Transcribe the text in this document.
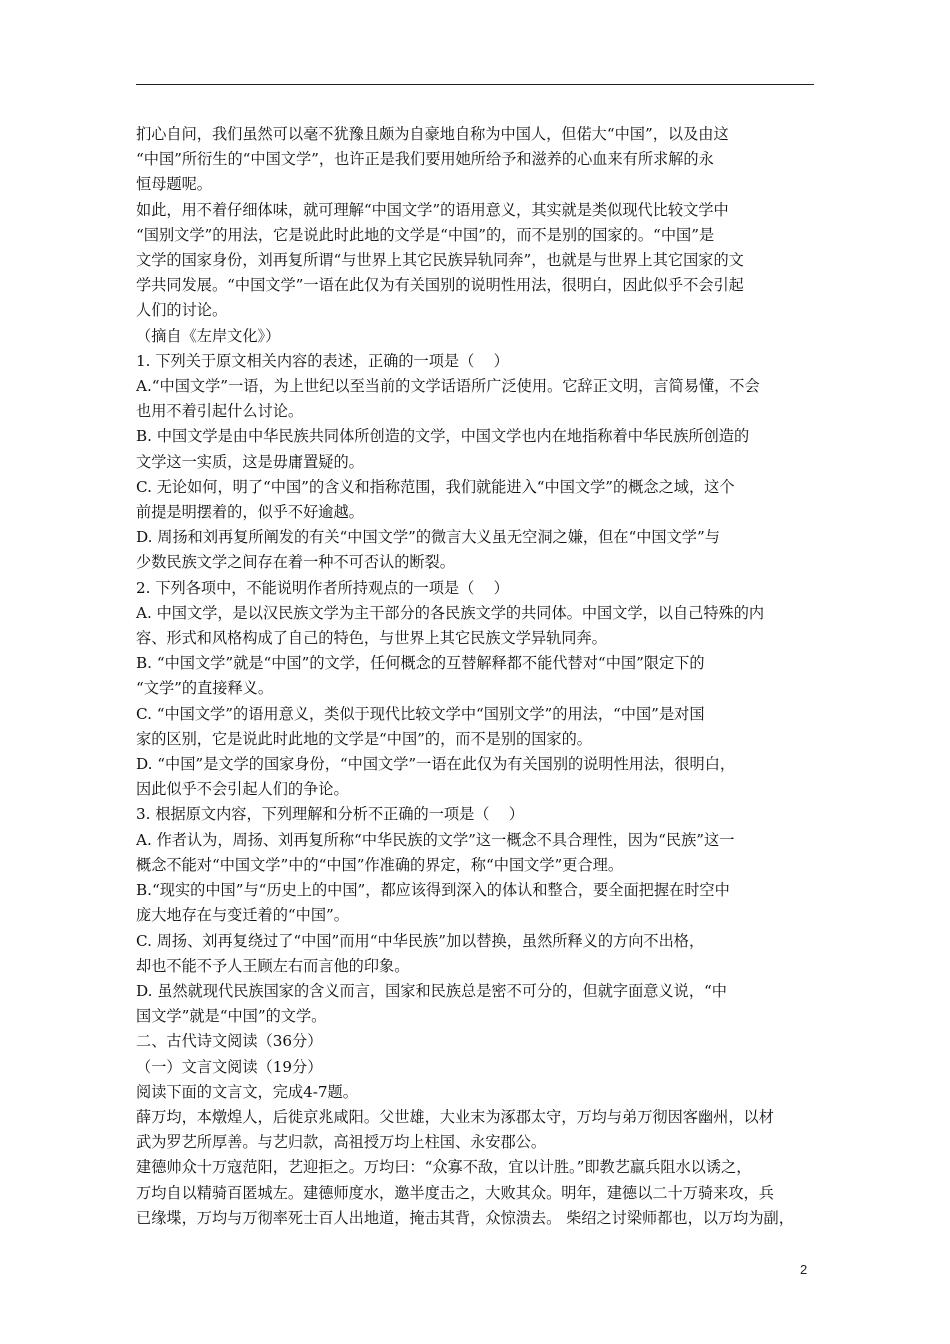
扪心自问，我们虽然可以毫不犹豫且颇为自豪地自称为中国人，但偌大“中国”，以及由这

“中国”所衍生的“中国文学”，也许正是我们要用她所给予和滋养的心血来有所求解的永

恒母题呢。

如此，用不着仔细体味，就可理解“中国文学”的语用意义，其实就是类似现代比较文学中

“国别文学”的用法，它是说此时此地的文学是“中国”的，而不是别的国家的。“中国”是

文学的国家身份，刘再复所谓“与世界上其它民族异轨同奔”，也就是与世界上其它国家的文

学共同发展。“中国文学”一语在此仅为有关国别的说明性用法，很明白，因此似乎不会引起

人们的讨论。

（摘自《左岸文化》）

1. 下列关于原文相关内容的表述，正确的一项是（    ）

A.“中国文学”一语，为上世纪以至当前的文学话语所广泛使用。它辞正文明，言简易懂，不会

也用不着引起什么讨论。

B. 中国文学是由中华民族共同体所创造的文学，中国文学也内在地指称着中华民族所创造的

文学这一实质，这是毋庸置疑的。

C. 无论如何，明了“中国”的含义和指称范围，我们就能进入“中国文学”的概念之域，这个

前提是明摆着的，似乎不好逾越。

D. 周扬和刘再复所阐发的有关“中国文学”的微言大义虽无空洞之嫌，但在“中国文学”与

少数民族文学之间存在着一种不可否认的断裂。

2. 下列各项中，不能说明作者所持观点的一项是（    ）

A. 中国文学，是以汉民族文学为主干部分的各民族文学的共同体。中国文学，以自己特殊的内

容、形式和风格构成了自己的特色，与世界上其它民族文学异轨同奔。

B. “中国文学”就是“中国”的文学，任何概念的互替解释都不能代替对“中国”限定下的

“文学”的直接释义。

C. “中国文学”的语用意义，类似于现代比较文学中“国别文学”的用法，“中国”是对国

家的区别，它是说此时此地的文学是“中国”的，而不是别的国家的。

D. “中国”是文学的国家身份，“中国文学”一语在此仅为有关国别的说明性用法，很明白，

因此似乎不会引起人们的争论。

3. 根据原文内容，下列理解和分析不正确的一项是（    ）

A. 作者认为，周扬、刘再复所称“中华民族的文学”这一概念不具合理性，因为“民族”这一

概念不能对“中国文学”中的“中国”作准确的界定，称“中国文学”更合理。

B.“现实的中国”与“历史上的中国”，都应该得到深入的体认和整合，要全面把握在时空中

庞大地存在与变迁着的“中国”。

C. 周扬、刘再复绕过了“中国”而用“中华民族”加以替换，虽然所释义的方向不出格，

却也不能不予人王顾左右而言他的印象。

D. 虽然就现代民族国家的含义而言，国家和民族总是密不可分的，但就字面意义说，“中

国文学”就是“中国”的文学。

二、古代诗文阅读（36分）

（一）文言文阅读（19分）

阅读下面的文言文，完成4-7题。

薛万均，本燉煌人，后徙京兆咸阳。父世雄，大业末为涿郡太守，万均与弟万彻因客幽州，以材

武为罗艺所厚善。与艺归款，高祖授万均上柱国、永安郡公。

建德帅众十万寇范阳，艺迎拒之。万均曰：“众寡不敌，宜以计胜。”即教艺羸兵阻水以诱之，

万均自以精骑百匿城左。建德师度水，邀半度击之，大败其众。明年，建德以二十万骑来攻，兵

已缘堞，万均与万彻率死士百人出地道，掩击其背，众惊溃去。 柴绍之讨梁师都也，以万均为副，

2
